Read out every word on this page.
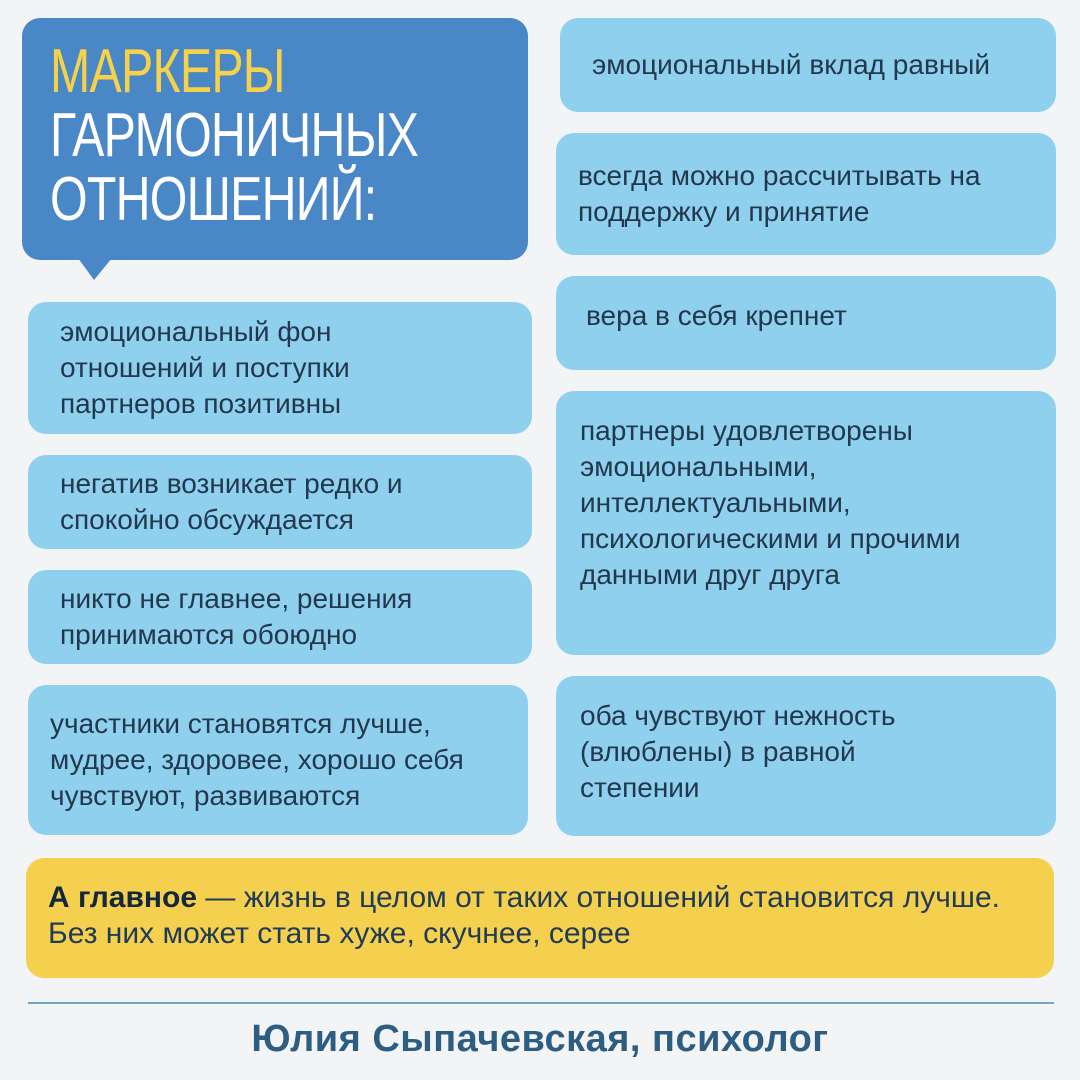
МАРКЕРЫ
ГАРМОНИЧНЫХ
ОТНОШЕНИЙ:
эмоциональный фон отношений и поступки партнеров позитивны
негатив возникает редко и спокойно обсуждается
никто не главнее, решения принимаются обоюдно
участники становятся лучше, мудрее, здоровее, хорошо себя чувствуют, развиваются
эмоциональный вклад равный
всегда можно рассчитывать на поддержку и принятие
вера в себя крепнет
партнеры удовлетворены эмоциональными, интеллектуальными, психологическими и прочими данными друг друга
оба чувствуют нежность (влюблены) в равной степении
А главное — жизнь в целом от таких отношений становится лучше. Без них может стать хуже, скучнее, серее
Юлия Сыпачевская, психолог
